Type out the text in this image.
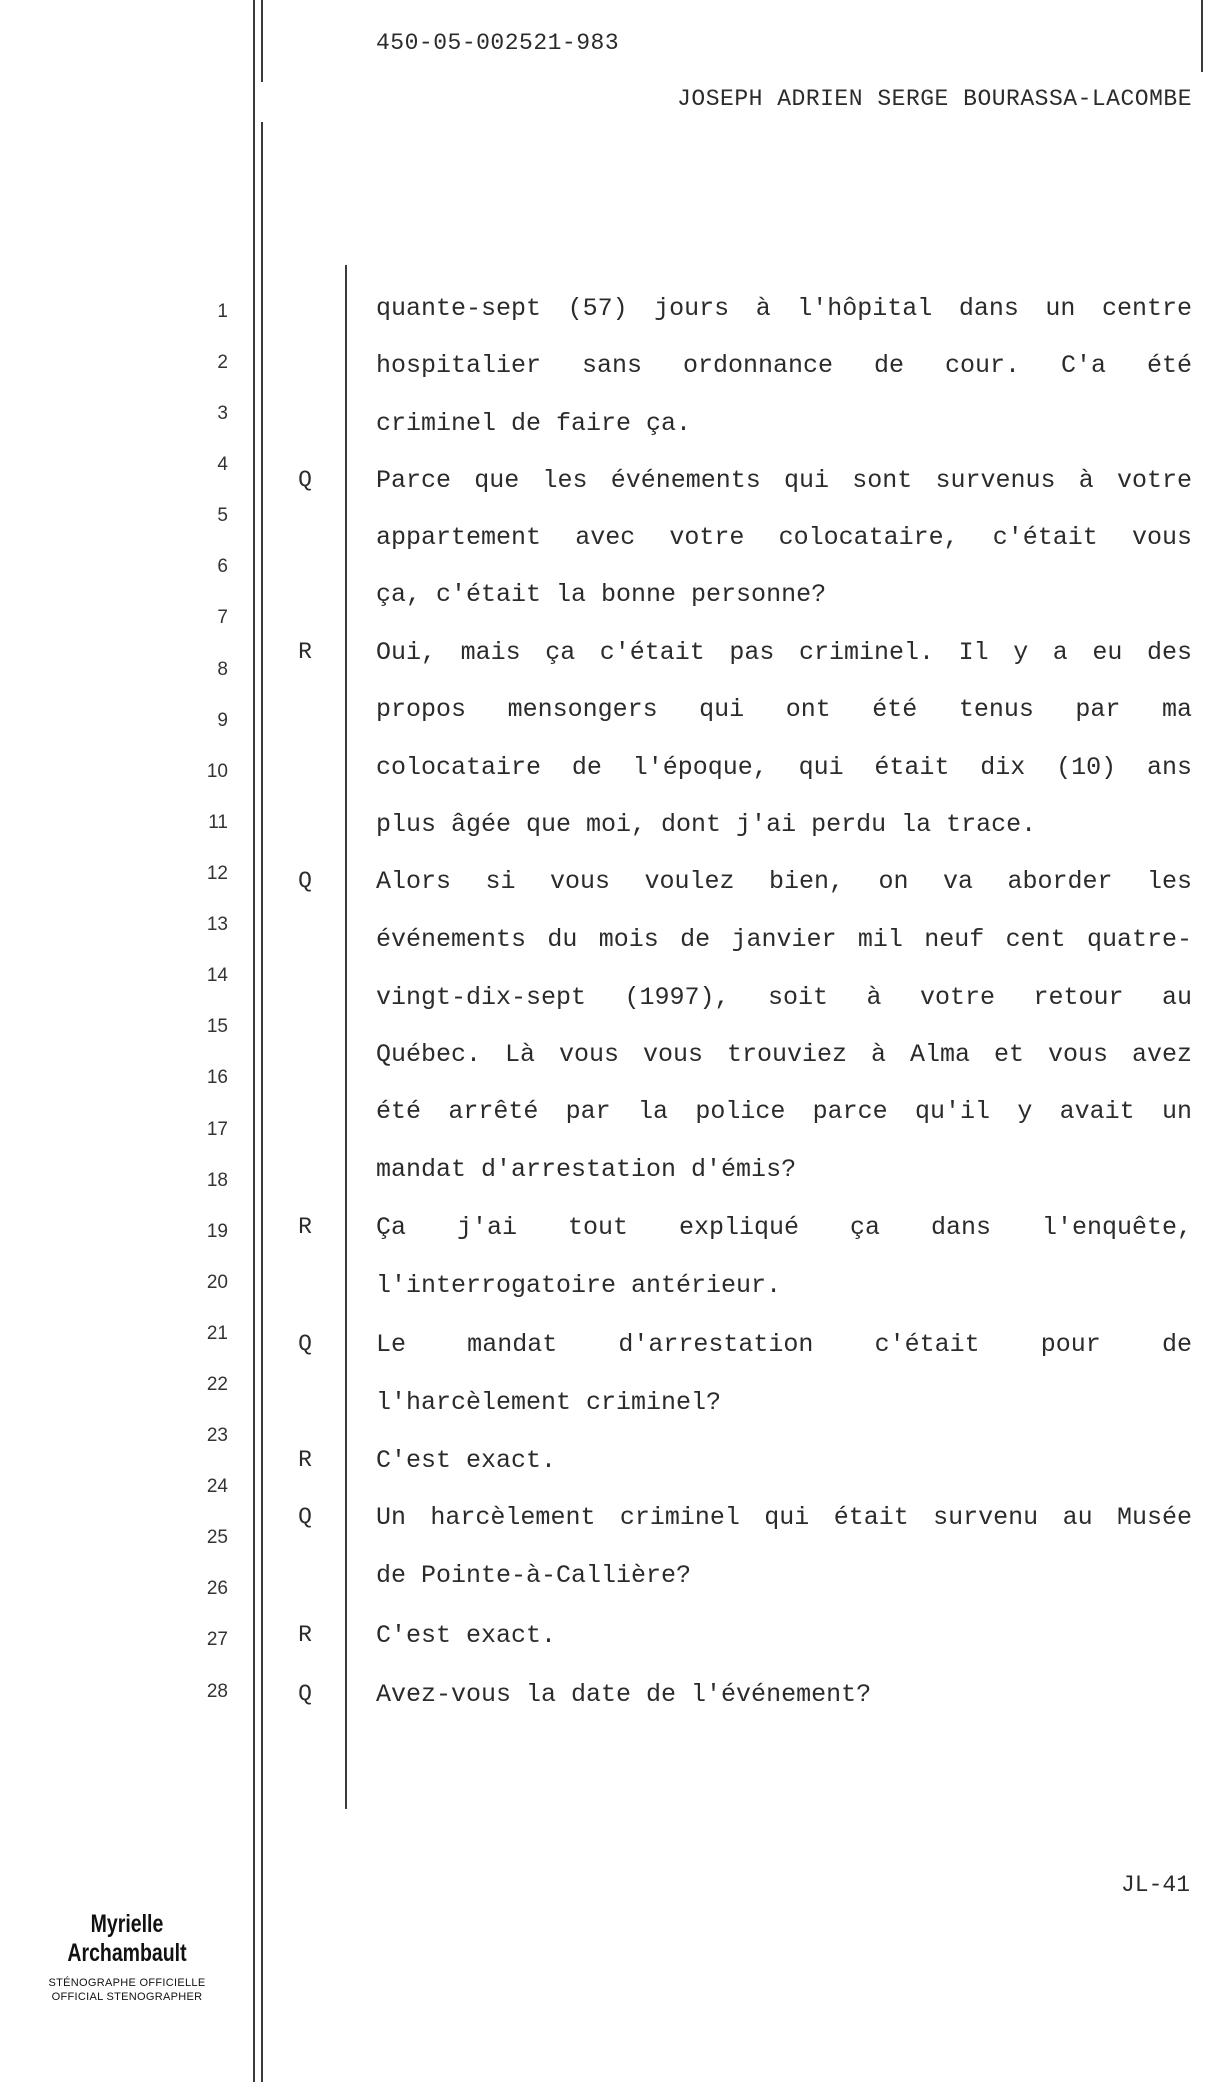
450-05-002521-983
JOSEPH ADRIEN SERGE BOURASSA-LACOMBE
1
2
3
4
5
6
7
8
9
10
11
12
13
14
15
16
17
18
19
20
21
22
23
24
25
26
27
28
quante-sept (57) jours à l'hôpital dans un centre
hospitalier sans ordonnance de cour. C'a été
criminel de faire ça.
Q	Parce que les événements qui sont survenus à votre
appartement avec votre colocataire, c'était vous
ça, c'était la bonne personne?
R	Oui, mais ça c'était pas criminel. Il y a eu des
propos mensongers qui ont été tenus par ma
colocataire de l'époque, qui était dix (10) ans
plus âgée que moi, dont j'ai perdu la trace.
Q	Alors si vous voulez bien, on va aborder les
événements du mois de janvier mil neuf cent quatre-
vingt-dix-sept (1997), soit à votre retour au
Québec. Là vous vous trouviez à Alma et vous avez
été arrêté par la police parce qu'il y avait un
mandat d'arrestation d'émis?
R	Ça j'ai tout expliqué ça dans l'enquête,
l'interrogatoire antérieur.
Q	Le mandat d'arrestation c'était pour de
l'harcèlement criminel?
R	C'est exact.
Q	Un harcèlement criminel qui était survenu au Musée
de Pointe-à-Callière?
R	C'est exact.
Q	Avez-vous la date de l'événement?
JL-41
Myrielle Archambault
STÉNOGRAPHE OFFICIELLE
OFFICIAL STENOGRAPHER
